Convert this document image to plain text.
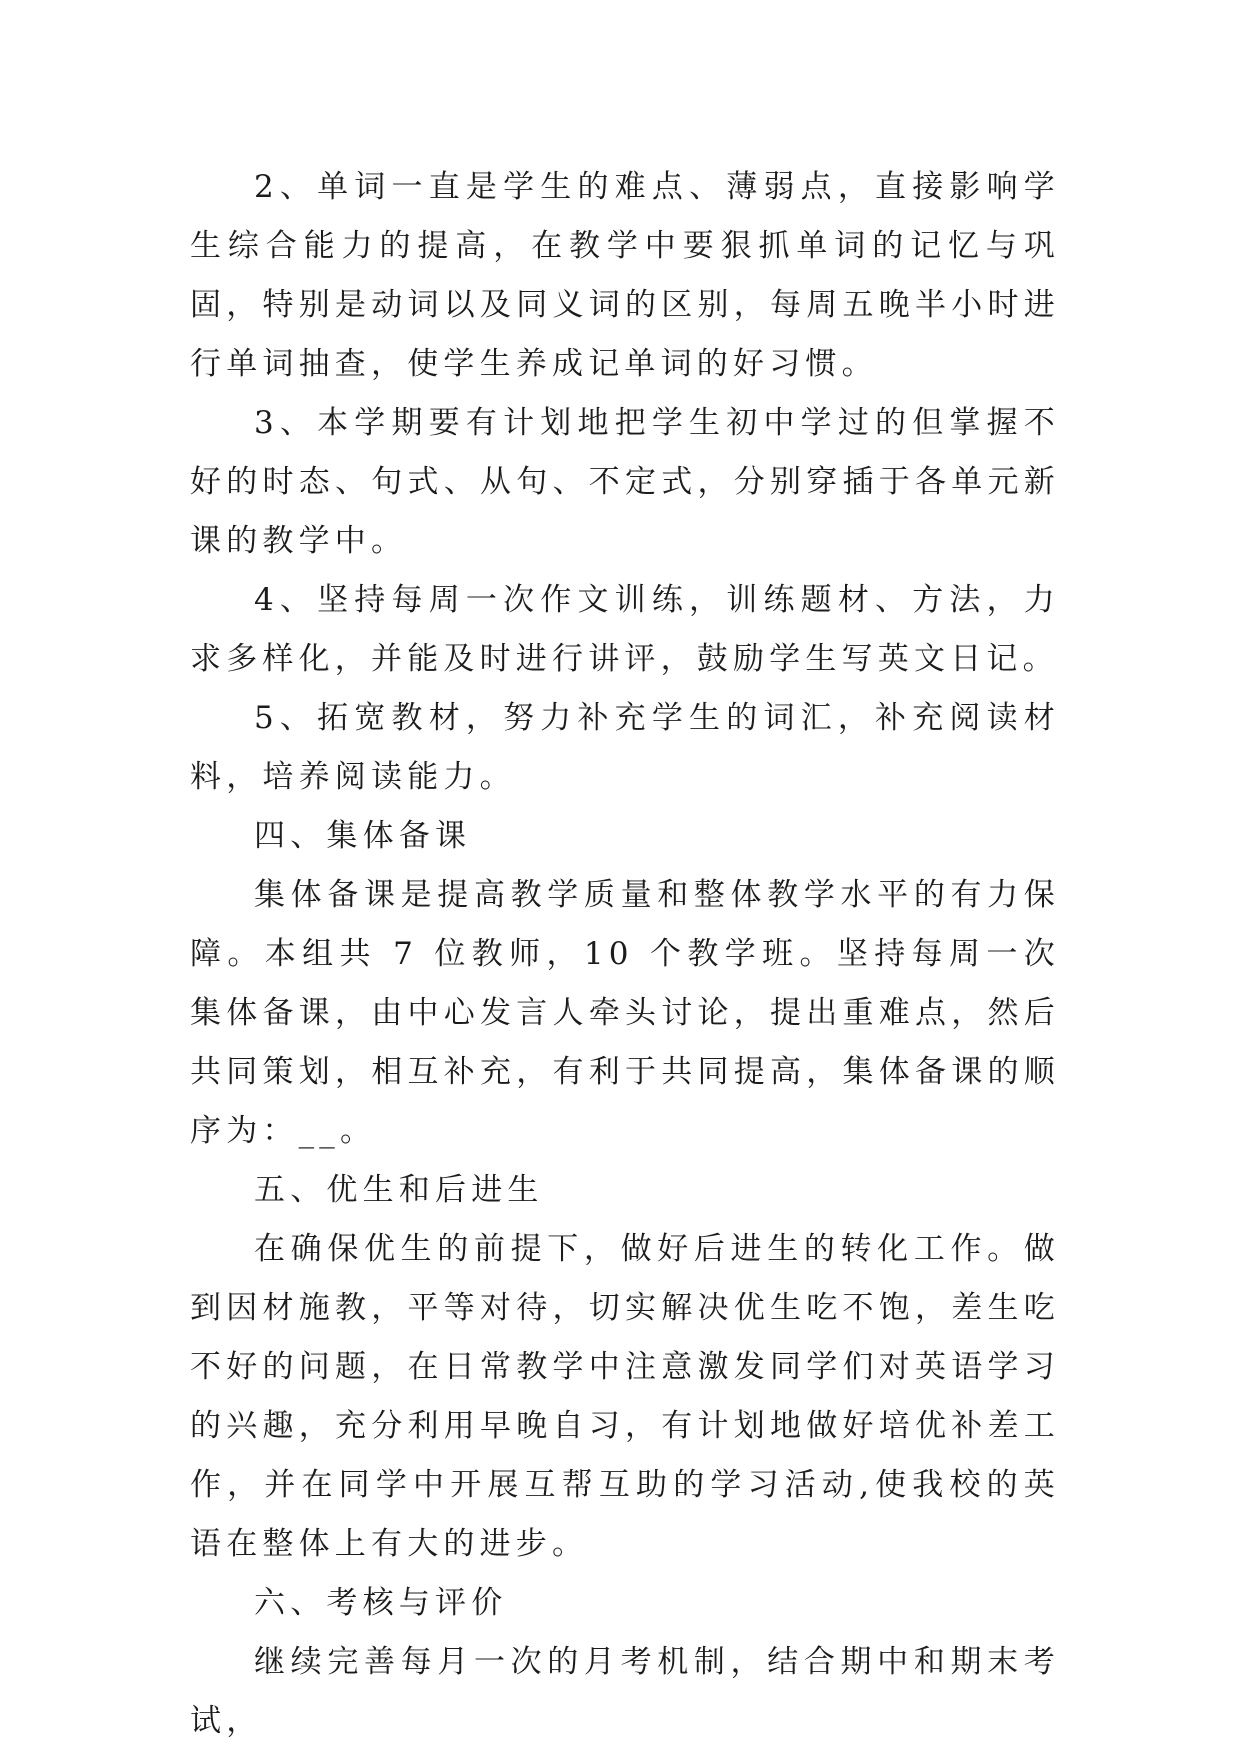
2、单词一直是学生的难点、薄弱点，直接影响学生综合能力的提高，在教学中要狠抓单词的记忆与巩固，特别是动词以及同义词的区别，每周五晚半小时进行单词抽查，使学生养成记单词的好习惯。

3、本学期要有计划地把学生初中学过的但掌握不好的时态、句式、从句、不定式，分别穿插于各单元新课的教学中。

4、坚持每周一次作文训练，训练题材、方法，力求多样化，并能及时进行讲评，鼓励学生写英文日记。

5、拓宽教材，努力补充学生的词汇，补充阅读材料，培养阅读能力。

四、集体备课

集体备课是提高教学质量和整体教学水平的有力保障。本组共 7 位教师，10 个教学班。坚持每周一次集体备课，由中心发言人牵头讨论，提出重难点，然后共同策划，相互补充，有利于共同提高，集体备课的顺序为：__。

五、优生和后进生

在确保优生的前提下，做好后进生的转化工作。做到因材施教，平等对待，切实解决优生吃不饱，差生吃不好的问题，在日常教学中注意激发同学们对英语学习的兴趣，充分利用早晚自习，有计划地做好培优补差工作，并在同学中开展互帮互助的学习活动,使我校的英语在整体上有大的进步。

六、考核与评价

继续完善每月一次的月考机制，结合期中和期末考试，
